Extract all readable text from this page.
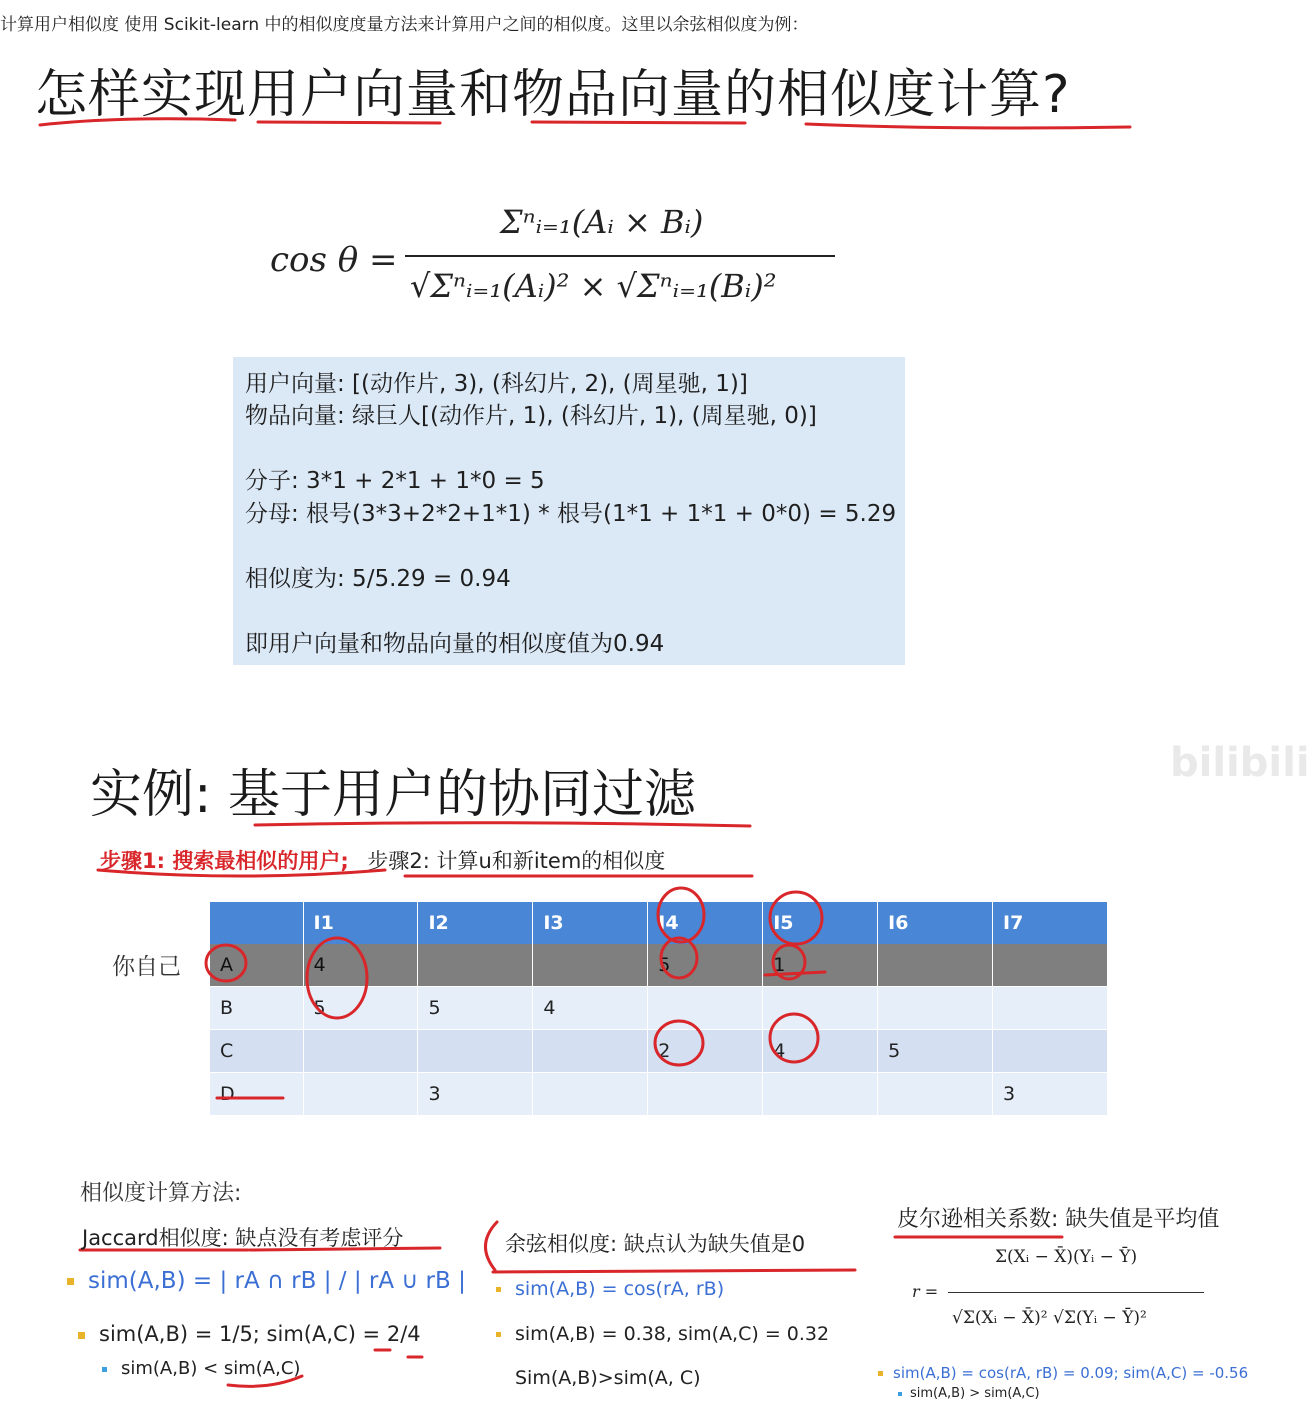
计算用户相似度 使用 Scikit-learn 中的相似度度量方法来计算用户之间的相似度。这里以余弦相似度为例：
怎样实现用户向量和物品向量的相似度计算?
cos θ =
Σⁿᵢ₌₁(Aᵢ × Bᵢ)
√Σⁿᵢ₌₁(Aᵢ)² × √Σⁿᵢ₌₁(Bᵢ)²
用户向量: [(动作片, 3), (科幻片, 2), (周星驰, 1)]
物品向量: 绿巨人[(动作片, 1), (科幻片, 1), (周星驰, 0)]
分子: 3*1 + 2*1 + 1*0 = 5
分母: 根号(3*3+2*2+1*1) * 根号(1*1 + 1*1 + 0*0) = 5.29
相似度为: 5/5.29 = 0.94
即用户向量和物品向量的相似度值为0.94
bilibili
实例: 基于用户的协同过滤
步骤1: 搜索最相似的用户; 步骤2: 计算u和新item的相似度
你自己
	I1	I2	I3	I4	I5	I6	I7
A	4			5	1		
B	5	5	4				
C				2	4	5	
D		3					3
相似度计算方法:
Jaccard相似度: 缺点没有考虑评分
sim(A,B) = | rA ∩ rB | / | rA ∪ rB |
sim(A,B) = 1/5; sim(A,C) = 2/4
sim(A,B) < sim(A,C)
余弦相似度: 缺点认为缺失值是0
sim(A,B) = cos(rA, rB)
sim(A,B) = 0.38, sim(A,C) = 0.32
Sim(A,B)>sim(A, C)
皮尔逊相关系数: 缺失值是平均值
r =
Σ(Xᵢ − X̄)(Yᵢ − Ȳ)
√Σ(Xᵢ − X̄)² √Σ(Yᵢ − Ȳ)²
sim(A,B) = cos(rA, rB) = 0.09; sim(A,C) = -0.56
sim(A,B) > sim(A,C)
